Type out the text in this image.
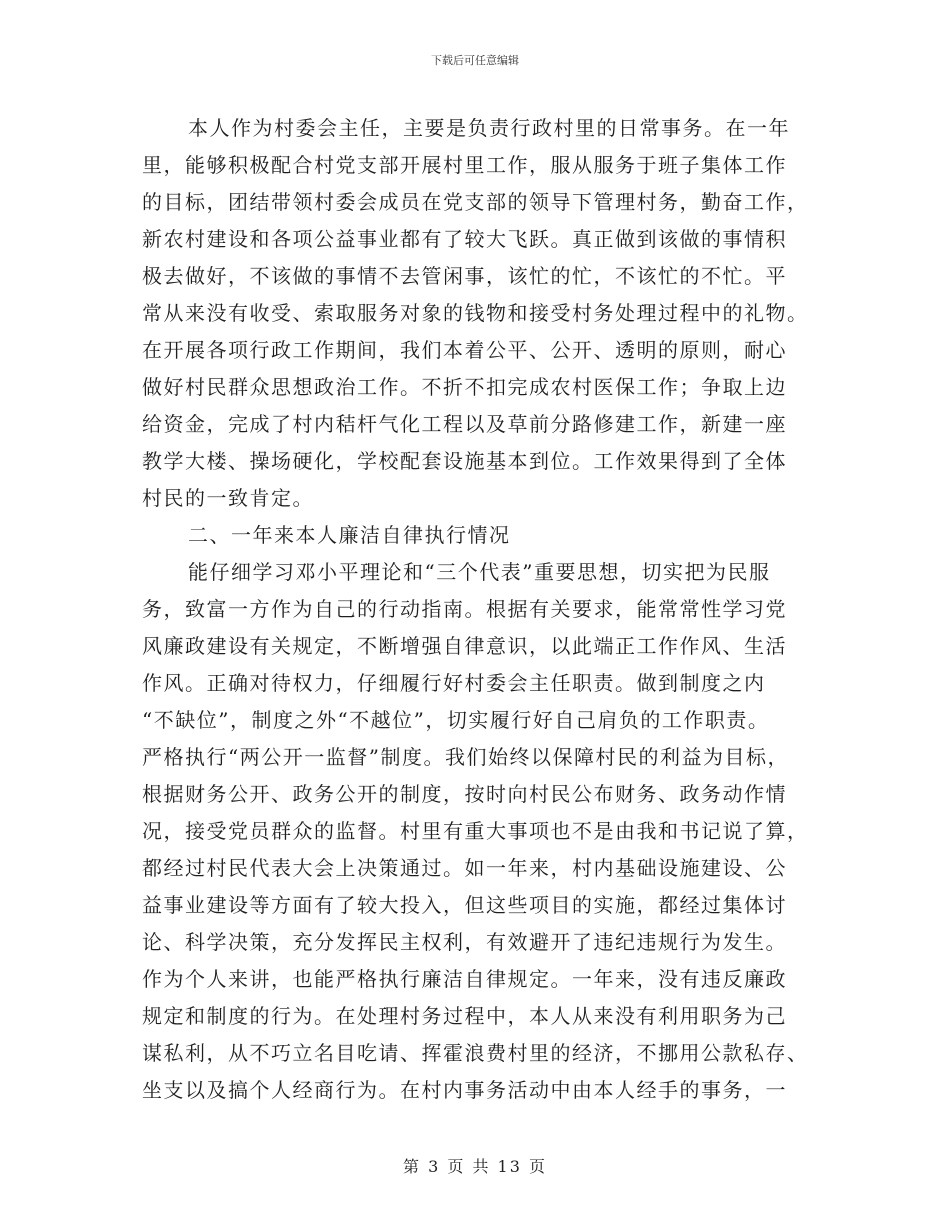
下载后可任意编辑
本人作为村委会主任，主要是负责行政村里的日常事务。在一年
里，能够积极配合村党支部开展村里工作，服从服务于班子集体工作
的目标，团结带领村委会成员在党支部的领导下管理村务，勤奋工作，
新农村建设和各项公益事业都有了较大飞跃。真正做到该做的事情积
极去做好，不该做的事情不去管闲事，该忙的忙，不该忙的不忙。平
常从来没有收受、索取服务对象的钱物和接受村务处理过程中的礼物。
在开展各项行政工作期间，我们本着公平、公开、透明的原则，耐心
做好村民群众思想政治工作。不折不扣完成农村医保工作；争取上边
给资金，完成了村内秸杆气化工程以及草前分路修建工作，新建一座
教学大楼、操场硬化，学校配套设施基本到位。工作效果得到了全体
村民的一致肯定。
二、一年来本人廉洁自律执行情况
能仔细学习邓小平理论和“三个代表”重要思想，切实把为民服
务，致富一方作为自己的行动指南。根据有关要求，能常常性学习党
风廉政建设有关规定，不断增强自律意识，以此端正工作作风、生活
作风。正确对待权力，仔细履行好村委会主任职责。做到制度之内
“不缺位”，制度之外“不越位”，切实履行好自己肩负的工作职责。
严格执行“两公开一监督”制度。我们始终以保障村民的利益为目标，
根据财务公开、政务公开的制度，按时向村民公布财务、政务动作情
况，接受党员群众的监督。村里有重大事项也不是由我和书记说了算，
都经过村民代表大会上决策通过。如一年来，村内基础设施建设、公
益事业建设等方面有了较大投入，但这些项目的实施，都经过集体讨
论、科学决策，充分发挥民主权利，有效避开了违纪违规行为发生。
作为个人来讲，也能严格执行廉洁自律规定。一年来，没有违反廉政
规定和制度的行为。在处理村务过程中，本人从来没有利用职务为己
谋私利，从不巧立名目吃请、挥霍浪费村里的经济，不挪用公款私存、
坐支以及搞个人经商行为。在村内事务活动中由本人经手的事务，一
第 3 页 共 13 页
